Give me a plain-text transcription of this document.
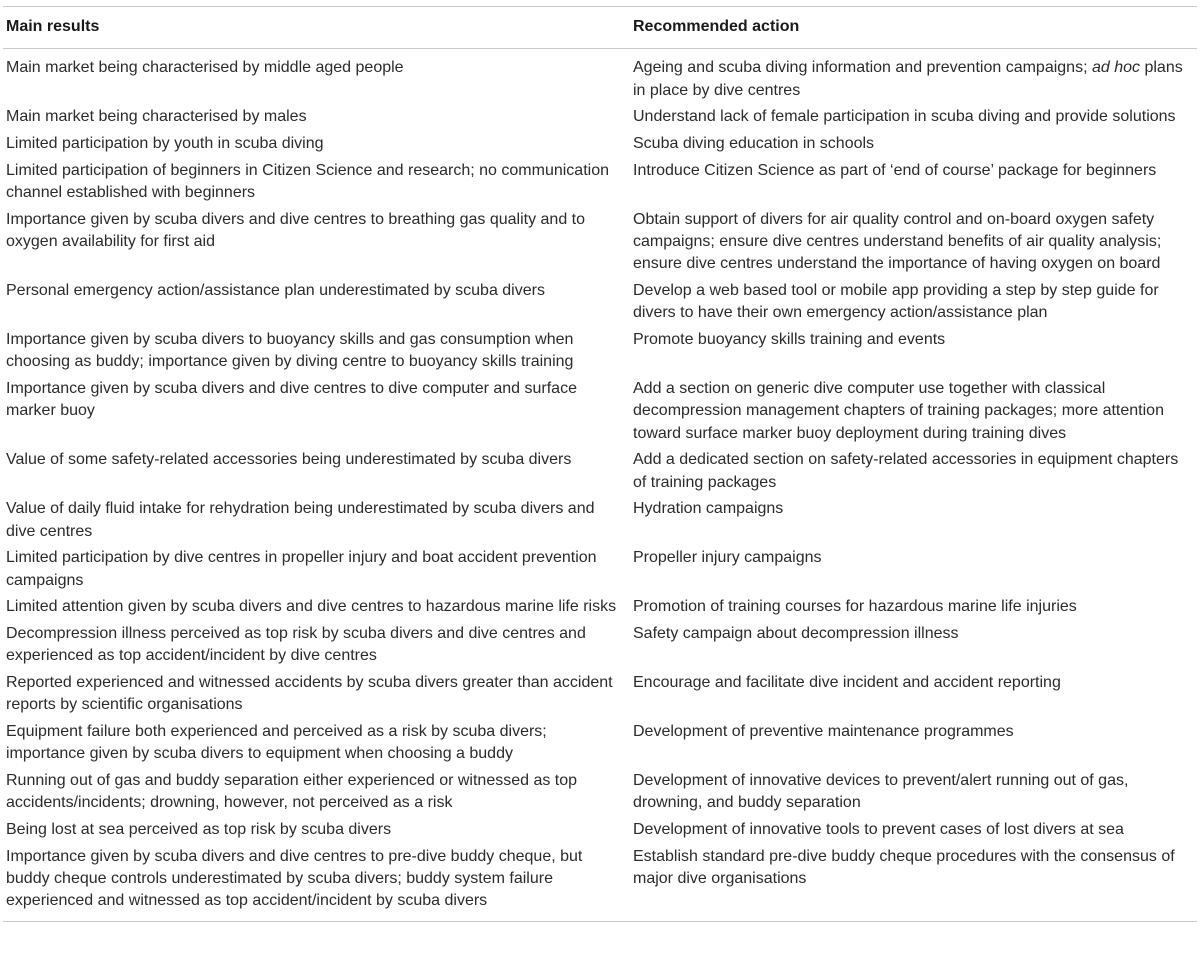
Main results	Recommended action
Main market being characterised by middle aged people	Ageing and scuba diving information and prevention campaigns; ad hoc plans in place by dive centres
Main market being characterised by males	Understand lack of female participation in scuba diving and provide solutions
Limited participation by youth in scuba diving	Scuba diving education in schools
Limited participation of beginners in Citizen Science and research; no communication channel established with beginners	Introduce Citizen Science as part of ‘end of course’ package for beginners
Importance given by scuba divers and dive centres to breathing gas quality and to oxygen availability for first aid	Obtain support of divers for air quality control and on-board oxygen safety campaigns; ensure dive centres understand benefits of air quality analysis; ensure dive centres understand the importance of having oxygen on board
Personal emergency action/assistance plan underestimated by scuba divers	Develop a web based tool or mobile app providing a step by step guide for divers to have their own emergency action/assistance plan
Importance given by scuba divers to buoyancy skills and gas consumption when choosing as buddy; importance given by diving centre to buoyancy skills training	Promote buoyancy skills training and events
Importance given by scuba divers and dive centres to dive computer and surface marker buoy	Add a section on generic dive computer use together with classical decompression management chapters of training packages; more attention toward surface marker buoy deployment during training dives
Value of some safety-related accessories being underestimated by scuba divers	Add a dedicated section on safety-related accessories in equipment chapters of training packages
Value of daily fluid intake for rehydration being underestimated by scuba divers and dive centres	Hydration campaigns
Limited participation by dive centres in propeller injury and boat accident prevention campaigns	Propeller injury campaigns
Limited attention given by scuba divers and dive centres to hazardous marine life risks	Promotion of training courses for hazardous marine life injuries
Decompression illness perceived as top risk by scuba divers and dive centres and experienced as top accident/incident by dive centres	Safety campaign about decompression illness
Reported experienced and witnessed accidents by scuba divers greater than accident reports by scientific organisations	Encourage and facilitate dive incident and accident reporting
Equipment failure both experienced and perceived as a risk by scuba divers; importance given by scuba divers to equipment when choosing a buddy	Development of preventive maintenance programmes
Running out of gas and buddy separation either experienced or witnessed as top accidents/incidents; drowning, however, not perceived as a risk	Development of innovative devices to prevent/alert running out of gas, drowning, and buddy separation
Being lost at sea perceived as top risk by scuba divers	Development of innovative tools to prevent cases of lost divers at sea
Importance given by scuba divers and dive centres to pre-dive buddy cheque, but buddy cheque controls underestimated by scuba divers; buddy system failure experienced and witnessed as top accident/incident by scuba divers	Establish standard pre-dive buddy cheque procedures with the consensus of major dive organisations
